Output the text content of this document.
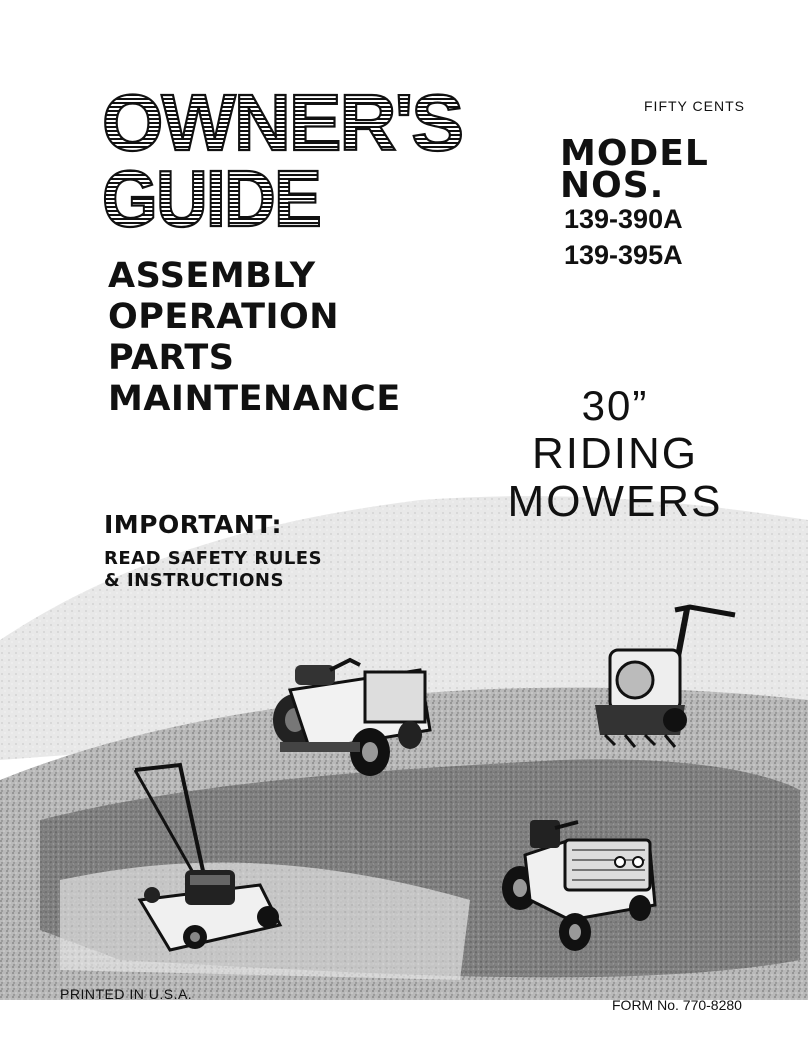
OWNER'S
GUIDE
FIFTY CENTS
MODEL
NOS.
139-390A
139-395A
ASSEMBLY
OPERATION
PARTS
MAINTENANCE	30”
RIDING
MOWERS
IMPORTANT:
READ SAFETY RULES
& INSTRUCTIONS
PRINTED IN U.S.A.
FORM No. 770-8280
